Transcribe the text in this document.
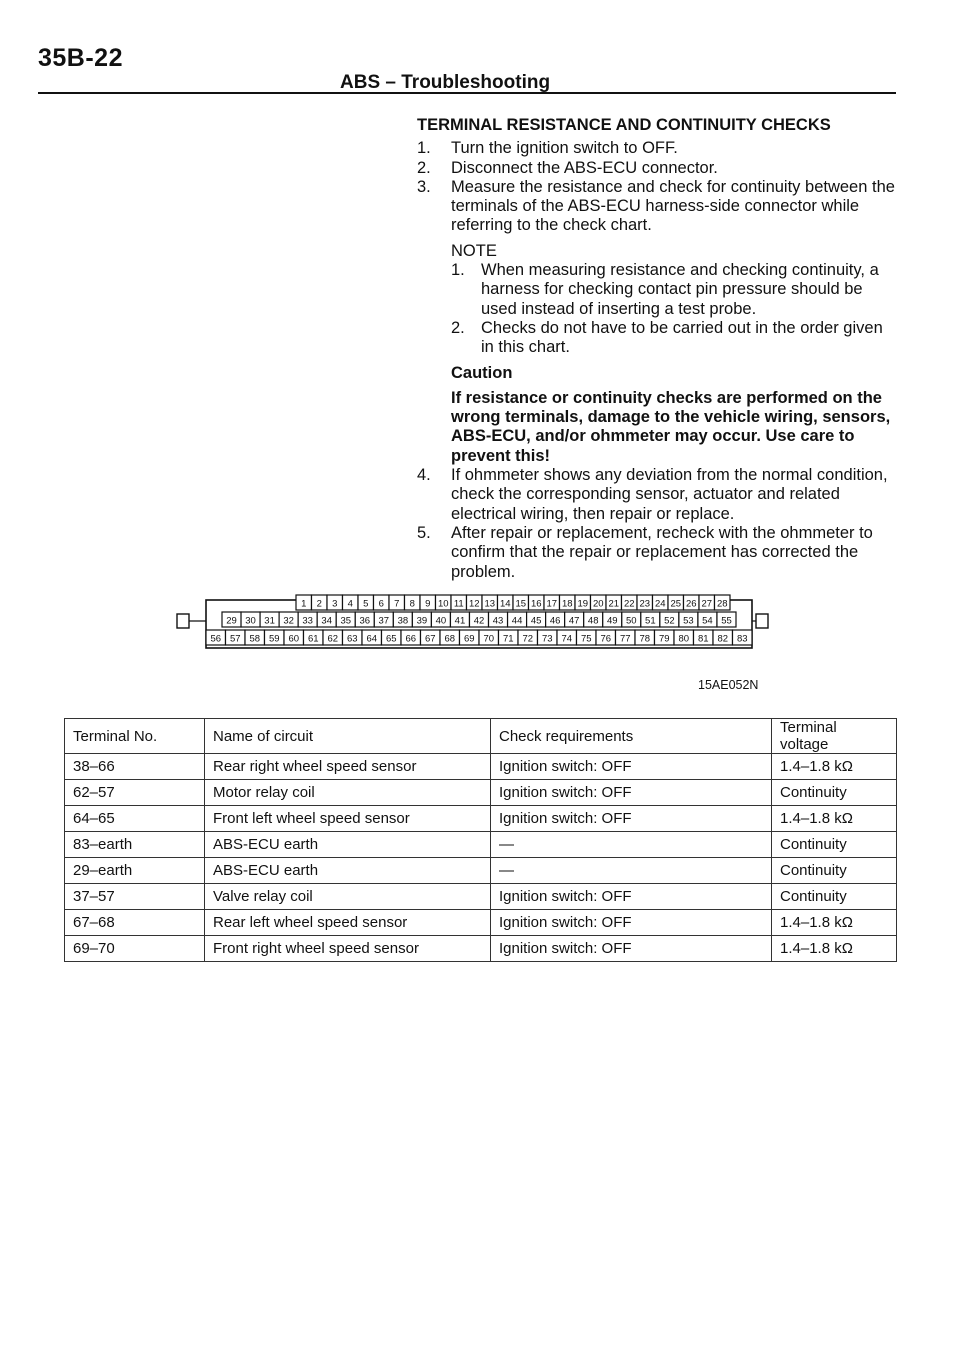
35B-22
ABS – Troubleshooting
TERMINAL RESISTANCE AND CONTINUITY CHECKS
1. Turn the ignition switch to OFF.
2. Disconnect the ABS-ECU connector.
3. Measure the resistance and check for continuity between the terminals of the ABS-ECU harness-side connector while referring to the check chart.
NOTE
1. When measuring resistance and checking continuity, a harness for checking contact pin pressure should be used instead of inserting a test probe.
2. Checks do not have to be carried out in the order given in this chart.
Caution
If resistance or continuity checks are performed on the wrong terminals, damage to the vehicle wiring, sensors, ABS-ECU, and/or ohmmeter may occur. Use care to prevent this!
4. If ohmmeter shows any deviation from the normal condition, check the corresponding sensor, actuator and related electrical wiring, then repair or replace.
5. After repair or replacement, recheck with the ohmmeter to confirm that the repair or replacement has corrected the problem.
1 2 3 4 5 6 7 8 9 10 11 12 13 14 15 16 17 18 19 20 21 22 23 24 25 26 27 28
29 30 31 32 33 34 35 36 37 38 39 40 41 42 43 44 45 46 47 48 49 50 51 52 53 54 55
56 57 58 59 60 61 62 63 64 65 66 67 68 69 70 71 72 73 74 75 76 77 78 79 80 81 82 83
15AE052N
Terminal No.	Name of circuit	Check requirements	Terminal voltage
38–66	Rear right wheel speed sensor	Ignition switch: OFF	1.4–1.8 kΩ
62–57	Motor relay coil	Ignition switch: OFF	Continuity
64–65	Front left wheel speed sensor	Ignition switch: OFF	1.4–1.8 kΩ
83–earth	ABS-ECU earth	—	Continuity
29–earth	ABS-ECU earth	—	Continuity
37–57	Valve relay coil	Ignition switch: OFF	Continuity
67–68	Rear left wheel speed sensor	Ignition switch: OFF	1.4–1.8 kΩ
69–70	Front right wheel speed sensor	Ignition switch: OFF	1.4–1.8 kΩ
